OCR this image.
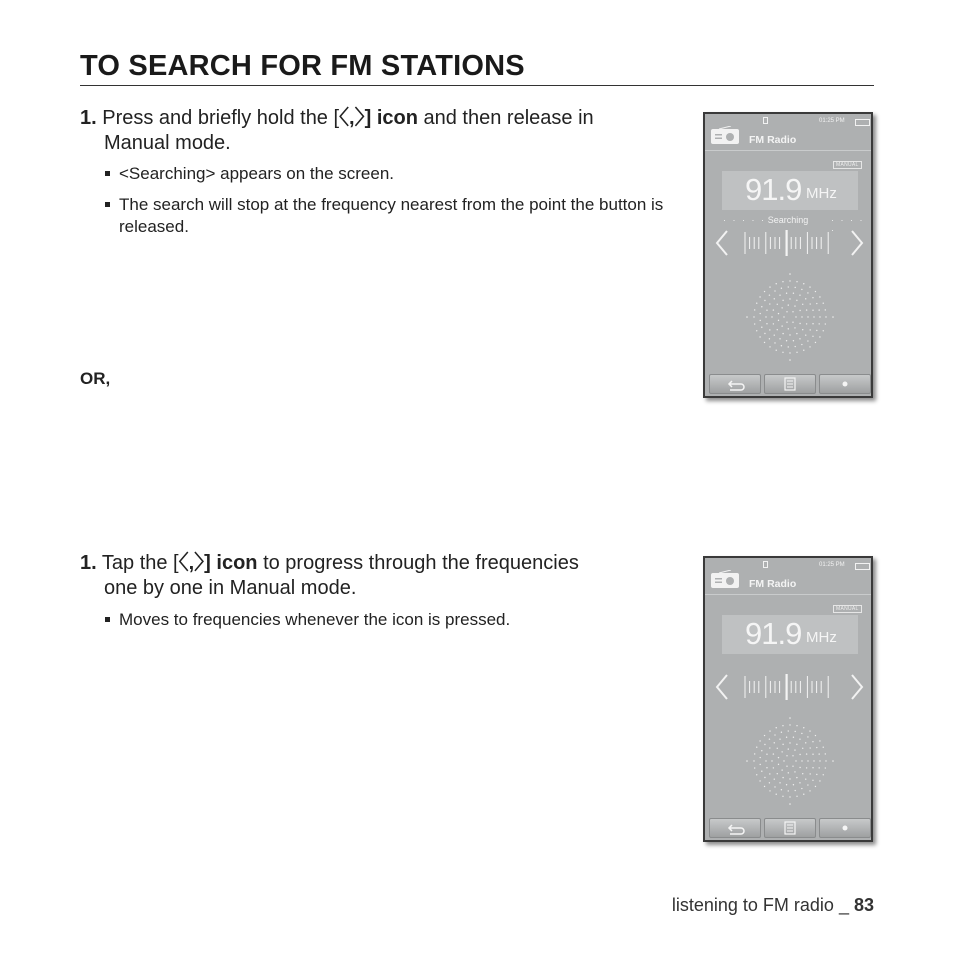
TO SEARCH FOR FM STATIONS
1. Press and briefly hold the [〈,〉] icon and then release in
Manual mode.
<Searching> appears on the screen.
The search will stop at the frequency nearest from the point the button is released.
OR,
1. Tap the [〈,〉] icon to progress through the frequencies
one by one in Manual mode.
Moves to frequencies whenever the icon is pressed.
01:25 PM
FM Radio
MANUAL
91.9 MHz
· · · · · Searching	· · · · ·
01:25 PM
FM Radio
MANUAL
91.9 MHz
listening to FM radio _ 83
